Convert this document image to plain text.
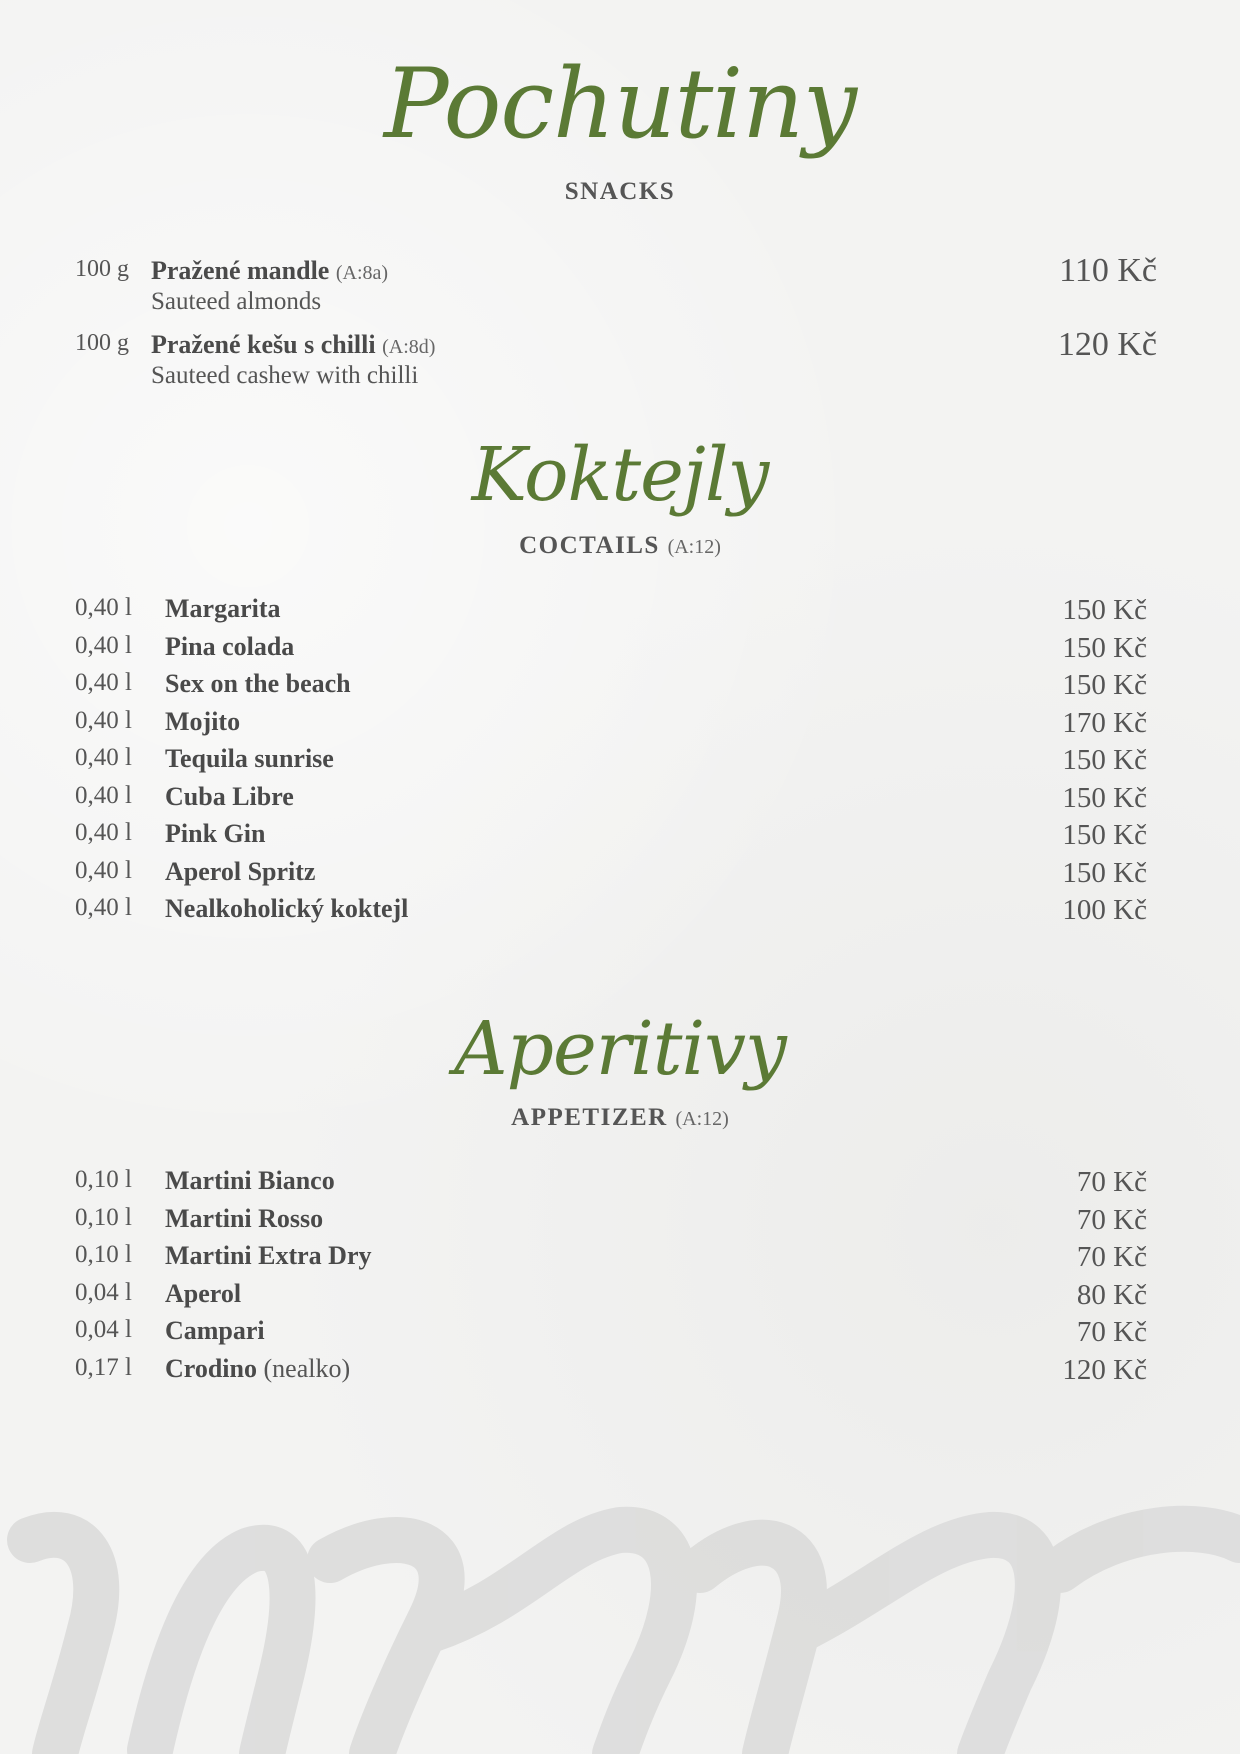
Pochutiny
SNACKS
100 g Pražené mandle (A:8a)
Sauteed almonds
110 Kč
100 g Pražené kešu s chilli (A:8d)
Sauteed cashew with chilli
120 Kč
Koktejly
COCTAILS (A:12)
0,40 l Margarita	150 Kč
0,40 l Pina colada	150 Kč
0,40 l Sex on the beach	150 Kč
0,40 l Mojito	170 Kč
0,40 l Tequila sunrise	150 Kč
0,40 l Cuba Libre	150 Kč
0,40 l Pink Gin	150 Kč
0,40 l Aperol Spritz	150 Kč
0,40 l Nealkoholický koktejl	100 Kč
Aperitivy
APPETIZER (A:12)
0,10 l Martini Bianco	70 Kč
0,10 l Martini Rosso	70 Kč
0,10 l Martini Extra Dry	70 Kč
0,04 l Aperol	80 Kč
0,04 l Campari	70 Kč
0,17 l Crodino (nealko)	120 Kč
